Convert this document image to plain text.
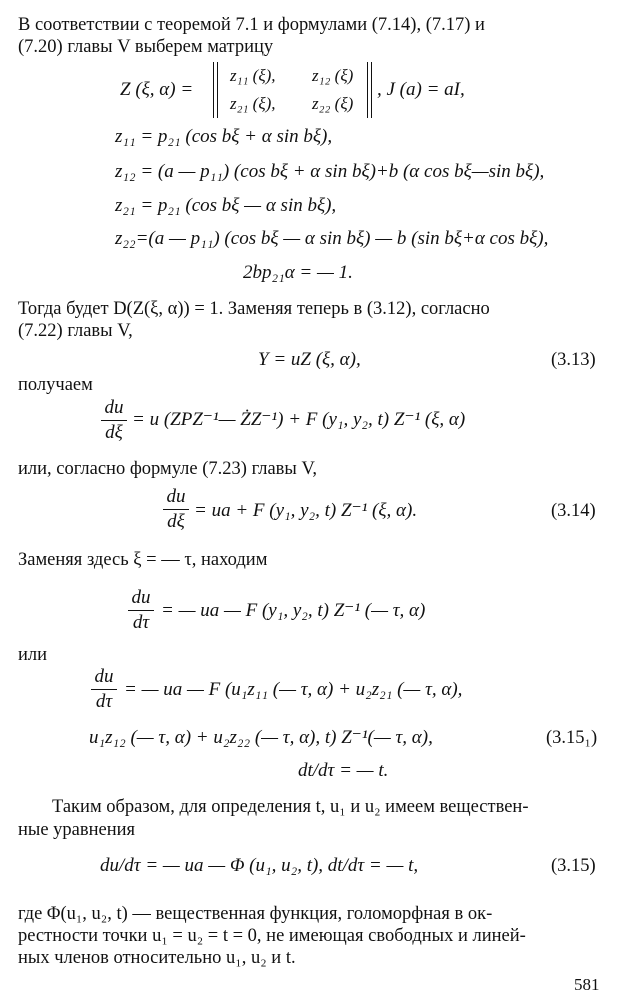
В соответствии с теоремой 7.1 и формулами (7.14), (7.17) и
(7.20) главы V выберем матрицу
Z (ξ, α) =
z₁₁ (ξ), z₁₂ (ξ)
z₂₁ (ξ), z₂₂ (ξ)
, J (a) = aI,
z₁₁ = p₂₁ (cos bξ + α sin bξ),
z₁₂ = (a — p₁₁) (cos bξ + α sin bξ)+b (α cos bξ—sin bξ),
z₂₁ = p₂₁ (cos bξ — α sin bξ),
z₂₂=(a — p₁₁) (cos bξ — α sin bξ) — b (sin bξ+α cos bξ),
2bp₂₁α = — 1.
Тогда будет D(Z(ξ, α)) = 1. Заменяя теперь в (3.12), согласно
(7.22) главы V,
Y = uZ (ξ, α),	(3.13)
получаем
du
dξ
= u (ZPZ⁻¹— ŻZ⁻¹) + F (y₁, y₂, t) Z⁻¹ (ξ, α)
или, согласно формуле (7.23) главы V,
du
dξ
= ua + F (y₁, y₂, t) Z⁻¹ (ξ, α).	(3.14)
Заменяя здесь ξ = — τ, находим
du
dτ
= — ua — F (y₁, y₂, t) Z⁻¹ (— τ, α)
или
du
dτ
= — ua — F (u₁z₁₁ (— τ, α) + u₂z₂₁ (— τ, α),
u₁z₁₂ (— τ, α) + u₂z₂₂ (— τ, α), t) Z⁻¹(— τ, α),	(3.15₁)
dt/dτ = — t.
Таким образом, для определения t, u₁ и u₂ имеем веществен-
ные уравнения
du/dτ = — ua — Φ (u₁, u₂, t), dt/dτ = — t,	(3.15)
где Φ(u₁, u₂, t) — вещественная функция, голоморфная в ок-
рестности точки u₁ = u₂ = t = 0, не имеющая свободных и линей-
ных членов относительно u₁, u₂ и t.
581
